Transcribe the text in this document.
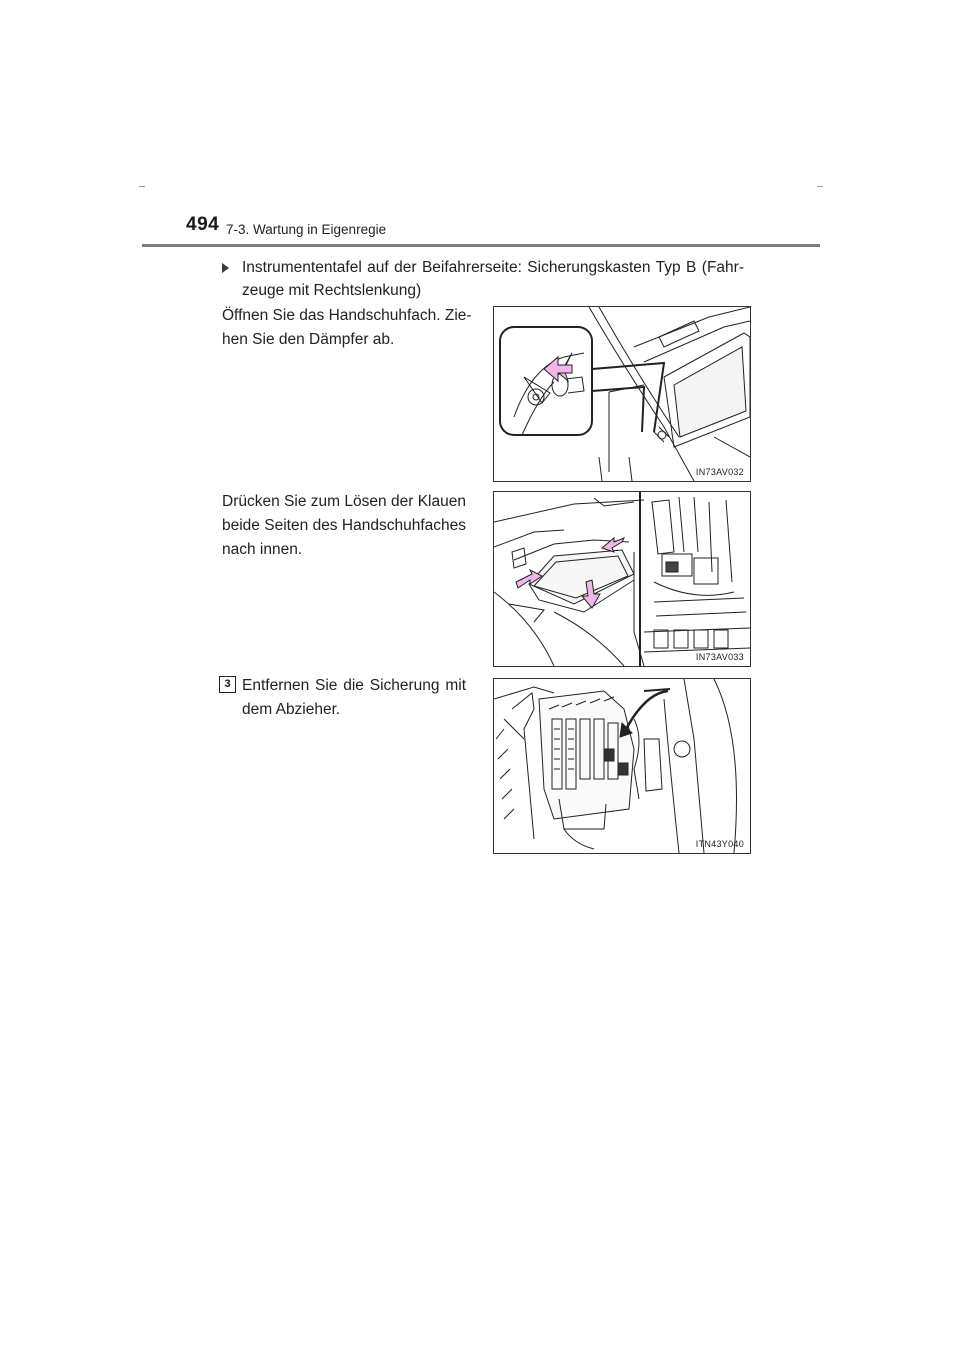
494 7-3. Wartung in Eigenregie
Instrumententafel auf der Beifahrerseite: Sicherungskasten Typ B (Fahr-
zeuge mit Rechtslenkung)
Öffnen Sie das Handschuhfach. Zie-
hen Sie den Dämpfer ab.
Drücken Sie zum Lösen der Klauen
beide Seiten des Handschuhfaches
nach innen.
3 Entfernen Sie die Sicherung mit
dem Abzieher.
IN73AV032
IN73AV033
ITN43Y040
